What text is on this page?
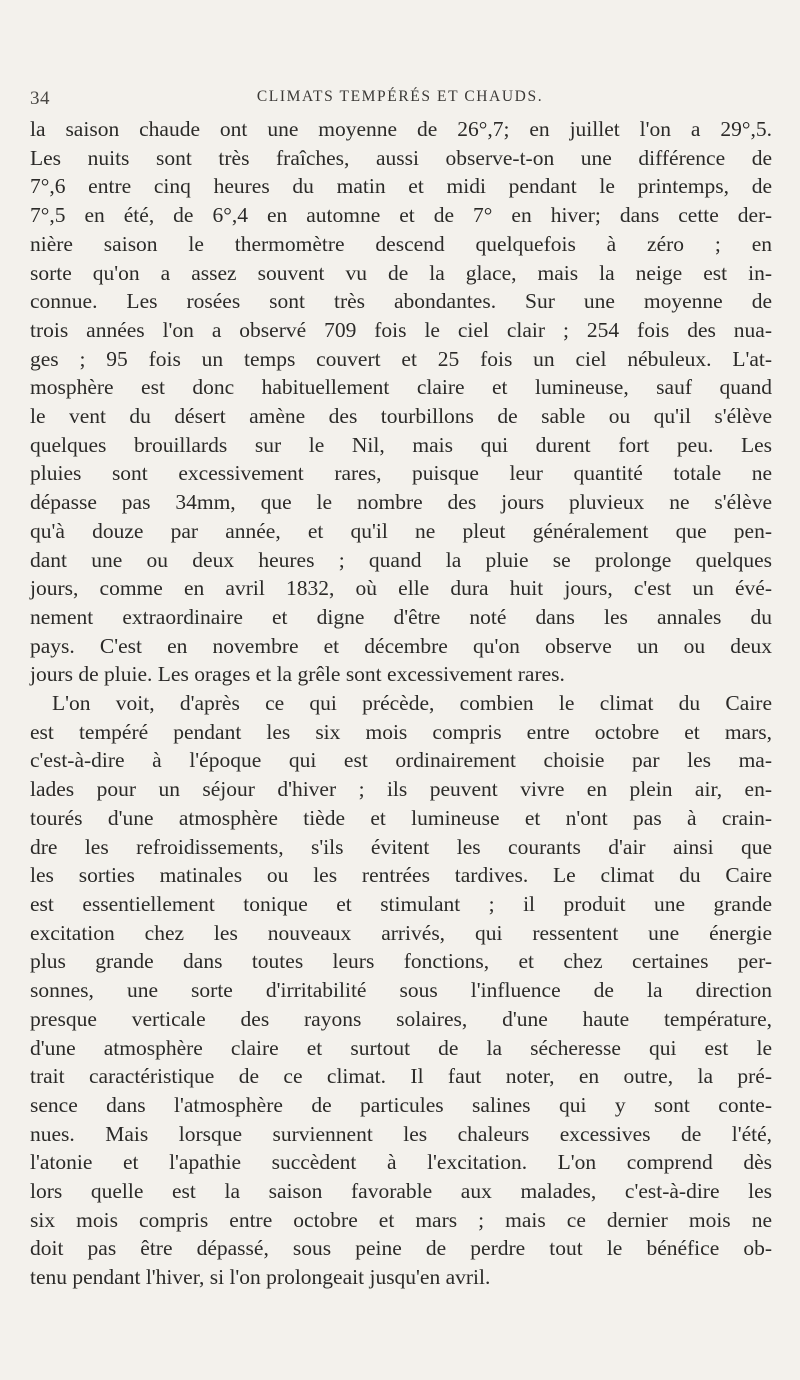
34	CLIMATS TEMPÉRÉS ET CHAUDS.

la saison chaude ont une moyenne de 26°,7; en juillet l'on a 29°,5.
Les nuits sont très fraîches, aussi observe-t-on une différence de
7°,6 entre cinq heures du matin et midi pendant le printemps, de
7°,5 en été, de 6°,4 en automne et de 7° en hiver; dans cette der-
nière saison le thermomètre descend quelquefois à zéro ; en
sorte qu'on a assez souvent vu de la glace, mais la neige est in-
connue. Les rosées sont très abondantes. Sur une moyenne de
trois années l'on a observé 709 fois le ciel clair ; 254 fois des nua-
ges ; 95 fois un temps couvert et 25 fois un ciel nébuleux. L'at-
mosphère est donc habituellement claire et lumineuse, sauf quand
le vent du désert amène des tourbillons de sable ou qu'il s'élève
quelques brouillards sur le Nil, mais qui durent fort peu. Les
pluies sont excessivement rares, puisque leur quantité totale ne
dépasse pas 34mm, que le nombre des jours pluvieux ne s'élève
qu'à douze par année, et qu'il ne pleut généralement que pen-
dant une ou deux heures ; quand la pluie se prolonge quelques
jours, comme en avril 1832, où elle dura huit jours, c'est un évé-
nement extraordinaire et digne d'être noté dans les annales du
pays. C'est en novembre et décembre qu'on observe un ou deux
jours de pluie. Les orages et la grêle sont excessivement rares.

L'on voit, d'après ce qui précède, combien le climat du Caire
est tempéré pendant les six mois compris entre octobre et mars,
c'est-à-dire à l'époque qui est ordinairement choisie par les ma-
lades pour un séjour d'hiver ; ils peuvent vivre en plein air, en-
tourés d'une atmosphère tiède et lumineuse et n'ont pas à crain-
dre les refroidissements, s'ils évitent les courants d'air ainsi que
les sorties matinales ou les rentrées tardives. Le climat du Caire
est essentiellement tonique et stimulant ; il produit une grande
excitation chez les nouveaux arrivés, qui ressentent une énergie
plus grande dans toutes leurs fonctions, et chez certaines per-
sonnes, une sorte d'irritabilité sous l'influence de la direction
presque verticale des rayons solaires, d'une haute température,
d'une atmosphère claire et surtout de la sécheresse qui est le
trait caractéristique de ce climat. Il faut noter, en outre, la pré-
sence dans l'atmosphère de particules salines qui y sont conte-
nues. Mais lorsque surviennent les chaleurs excessives de l'été,
l'atonie et l'apathie succèdent à l'excitation. L'on comprend dès
lors quelle est la saison favorable aux malades, c'est-à-dire les
six mois compris entre octobre et mars ; mais ce dernier mois ne
doit pas être dépassé, sous peine de perdre tout le bénéfice ob-
tenu pendant l'hiver, si l'on prolongeait jusqu'en avril.
